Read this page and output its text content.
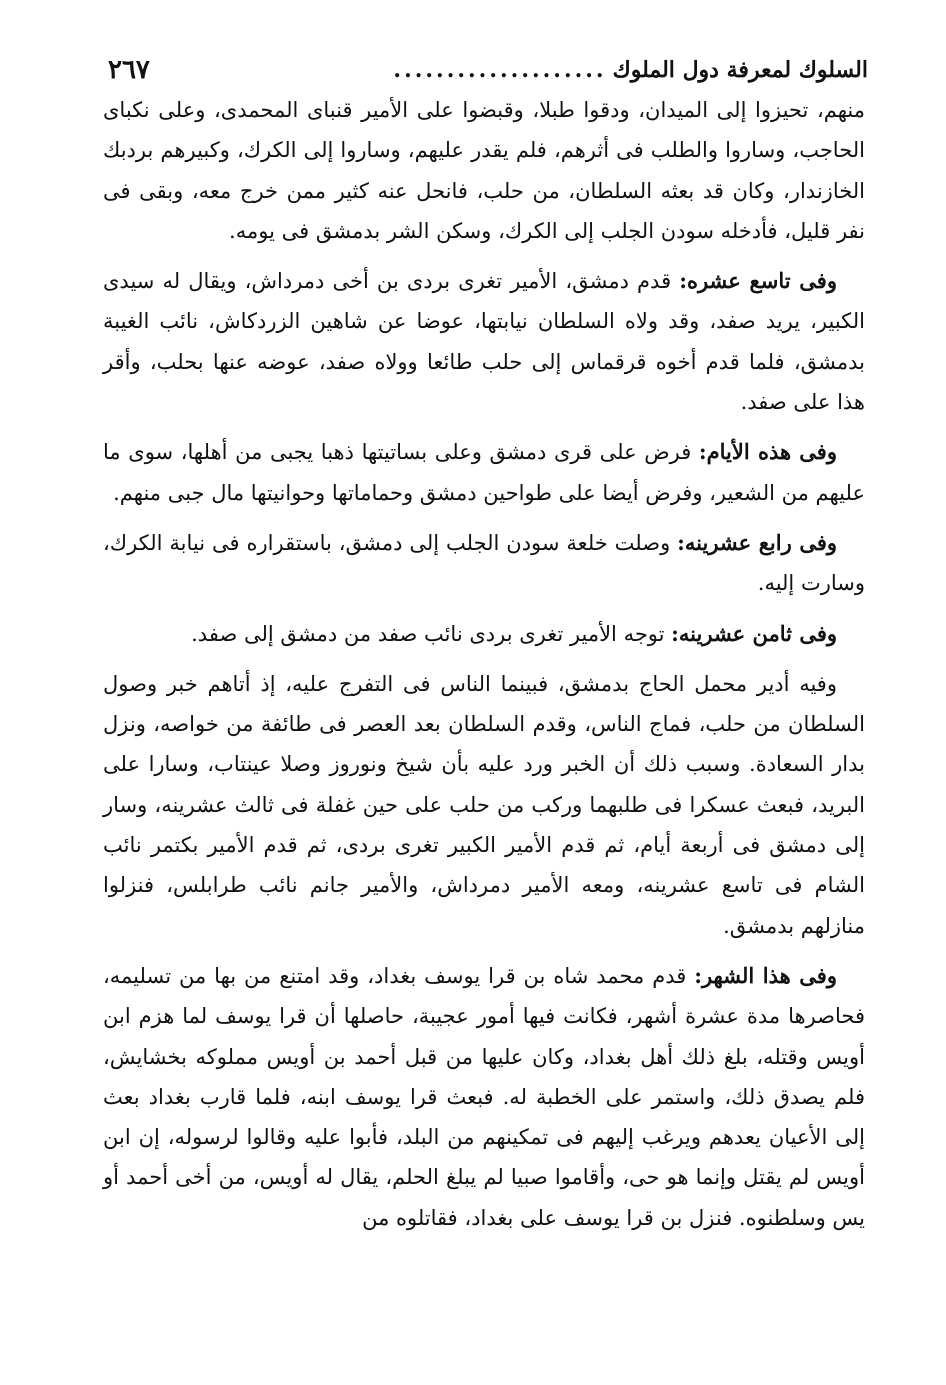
السلوك لمعرفة دول الملوك
....................
٢٦٧

منهم، تحيزوا إلى الميدان، ودقوا طبلا، وقبضوا على الأمير قنباى المحمدى، وعلى نكباى الحاجب، وساروا والطلب فى أثرهم، فلم يقدر عليهم، وساروا إلى الكرك، وكبيرهم بردبك الخازندار، وكان قد بعثه السلطان، من حلب، فانحل عنه كثير ممن خرج معه، وبقى فى نفر قليل، فأدخله سودن الجلب إلى الكرك، وسكن الشر بدمشق فى يومه.

وفى تاسع عشره: قدم دمشق، الأمير تغرى بردى بن أخى دمرداش، ويقال له سيدى الكبير، يريد صفد، وقد ولاه السلطان نيابتها، عوضا عن شاهين الزردكاش، نائب الغيبة بدمشق، فلما قدم أخوه قرقماس إلى حلب طائعا وولاه صفد، عوضه عنها بحلب، وأقر هذا على صفد.

وفى هذه الأيام: فرض على قرى دمشق وعلى بساتيتها ذهبا يجبى من أهلها، سوى ما عليهم من الشعير، وفرض أيضا على طواحين دمشق وحماماتها وحوانيتها مال جبى منهم.

وفى رابع عشرينه: وصلت خلعة سودن الجلب إلى دمشق، باستقراره فى نيابة الكرك، وسارت إليه.

وفى ثامن عشرينه: توجه الأمير تغرى بردى نائب صفد من دمشق إلى صفد.

وفيه أدير محمل الحاج بدمشق، فبينما الناس فى التفرج عليه، إذ أتاهم خبر وصول السلطان من حلب، فماج الناس، وقدم السلطان بعد العصر فى طائفة من خواصه، ونزل بدار السعادة. وسبب ذلك أن الخبر ورد عليه بأن شيخ ونوروز وصلا عينتاب، وسارا على البريد، فبعث عسكرا فى طلبهما وركب من حلب على حين غفلة فى ثالث عشرينه، وسار إلى دمشق فى أربعة أيام، ثم قدم الأمير الكبير تغرى بردى، ثم قدم الأمير بكتمر نائب الشام فى تاسع عشرينه، ومعه الأمير دمرداش، والأمير جانم نائب طرابلس، فنزلوا منازلهم بدمشق.

وفى هذا الشهر: قدم محمد شاه بن قرا يوسف بغداد، وقد امتنع من بها من تسليمه، فحاصرها مدة عشرة أشهر، فكانت فيها أمور عجيبة، حاصلها أن قرا يوسف لما هزم ابن أويس وقتله، بلغ ذلك أهل بغداد، وكان عليها من قبل أحمد بن أويس مملوكه بخشايش، فلم يصدق ذلك، واستمر على الخطبة له. فبعث قرا يوسف ابنه، فلما قارب بغداد بعث إلى الأعيان يعدهم ويرغب إليهم فى تمكينهم من البلد، فأبوا عليه وقالوا لرسوله، إن ابن أويس لم يقتل وإنما هو حى، وأقاموا صبيا لم يبلغ الحلم، يقال له أويس، من أخى أحمد أو يس وسلطنوه. فنزل بن قرا يوسف على بغداد، فقاتلوه من
